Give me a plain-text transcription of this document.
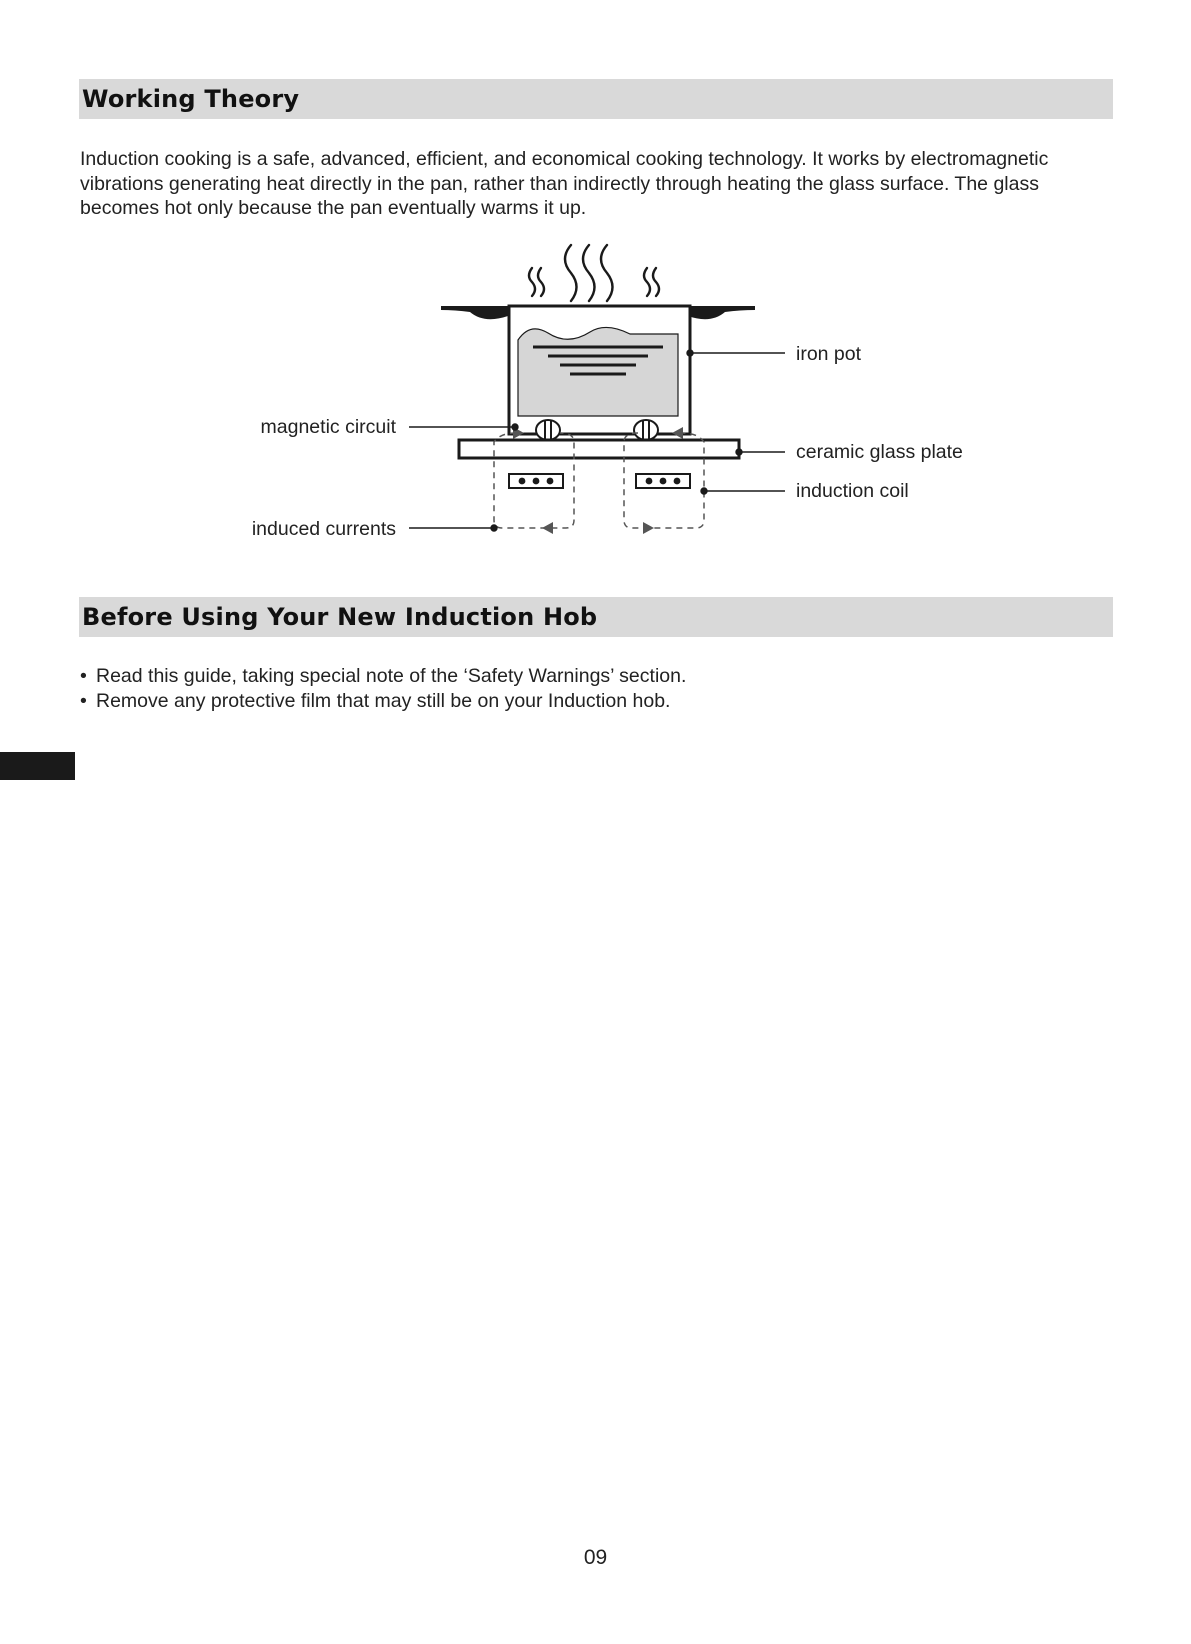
Working Theory

Induction cooking is a safe, advanced, efficient, and economical cooking technology. It works by electromagnetic vibrations generating heat directly in the pan, rather than indirectly through heating the glass surface. The glass becomes hot only because the pan eventually warms it up.

iron pot
magnetic circuit
ceramic glass plate
induction coil
induced currents
Before Using Your New Induction Hob
• Read this guide, taking special note of the ‘Safety Warnings’ section.
• Remove any protective film that may still be on your Induction hob.
09
